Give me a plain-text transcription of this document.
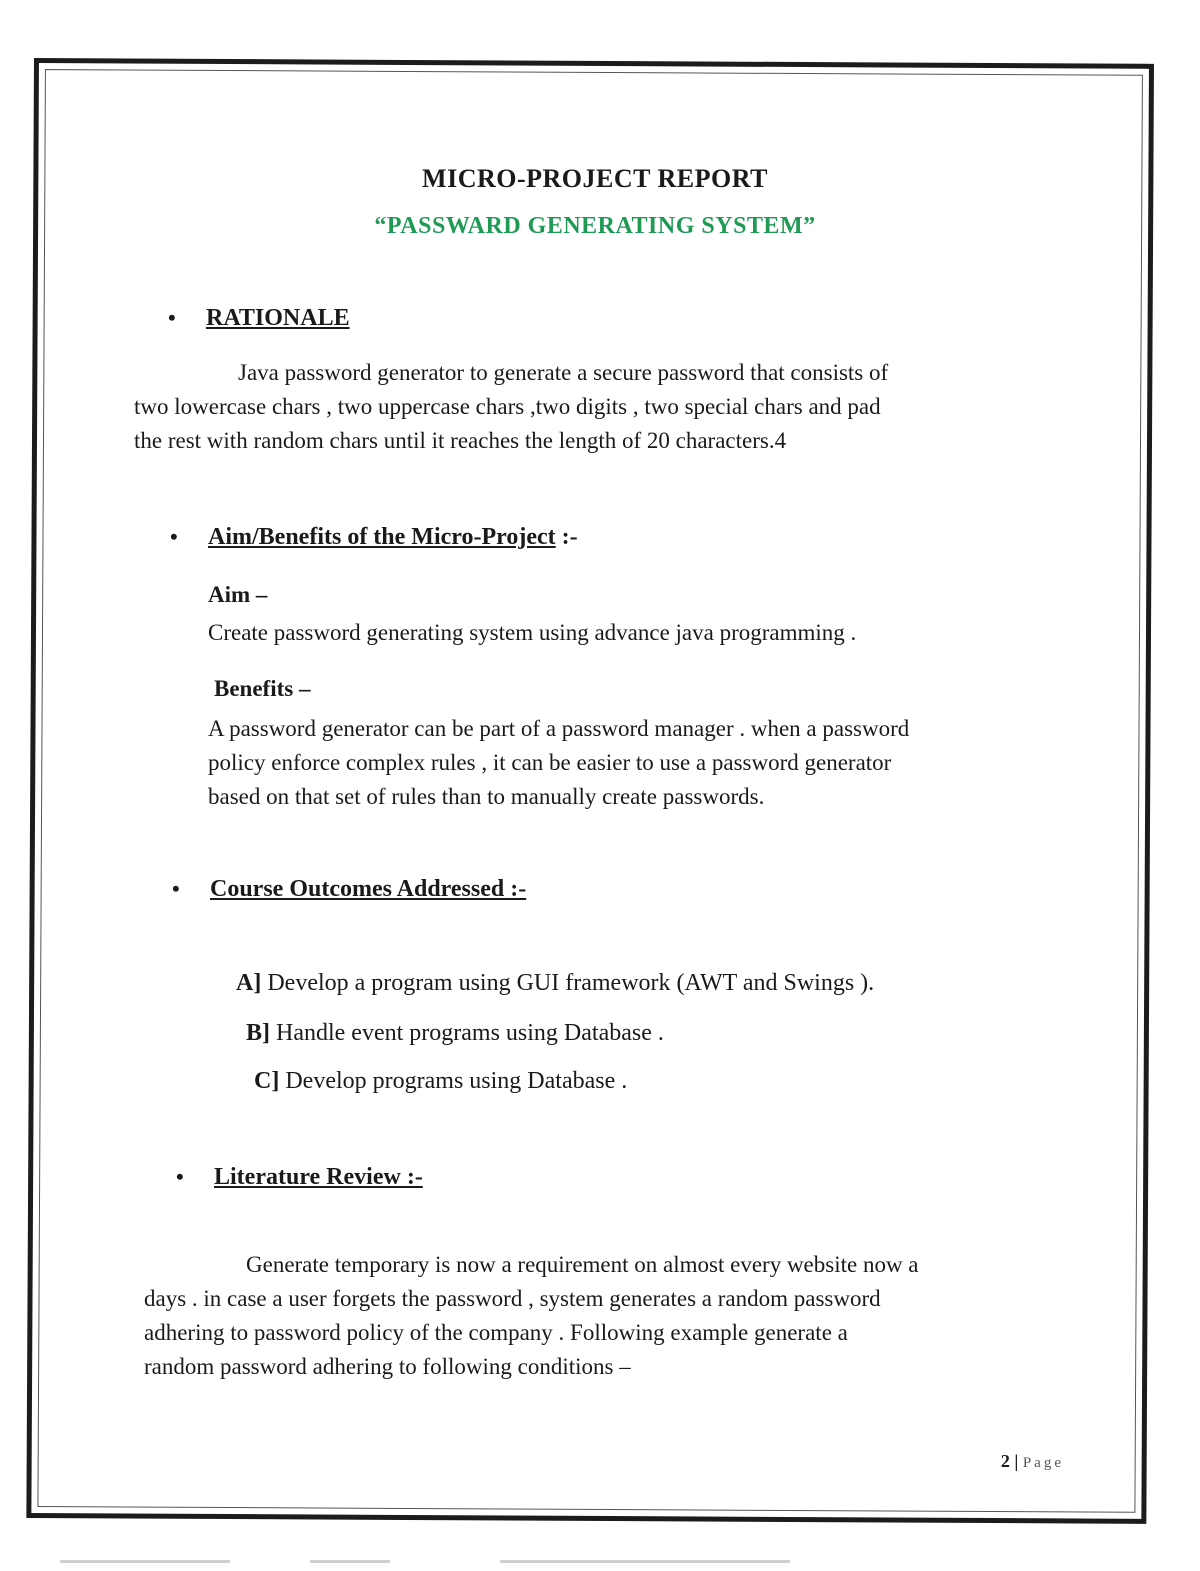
MICRO-PROJECT REPORT
“PASSWARD GENERATING SYSTEM”
• RATIONALE
Java password generator to generate a secure password that consists of
two lowercase chars , two uppercase chars ,two digits , two special chars and pad
the rest with random chars until it reaches the length of 20 characters.4
• Aim/Benefits of the Micro-Project :-
Aim –
Create password generating system using advance java programming .
Benefits –
A password generator can be part of a password manager . when a password
policy enforce complex rules , it can be easier to use a password generator
based on that set of rules than to manually create passwords.
• Course Outcomes Addressed :-
A] Develop a program using GUI framework (AWT and Swings ).
B] Handle event programs using Database .
C] Develop programs using Database .
• Literature Review :-
Generate temporary is now a requirement on almost every website now a
days . in case a user forgets the password , system generates a random password
adhering to password policy of the company . Following example generate a
random password adhering to following conditions –
2 | Page
